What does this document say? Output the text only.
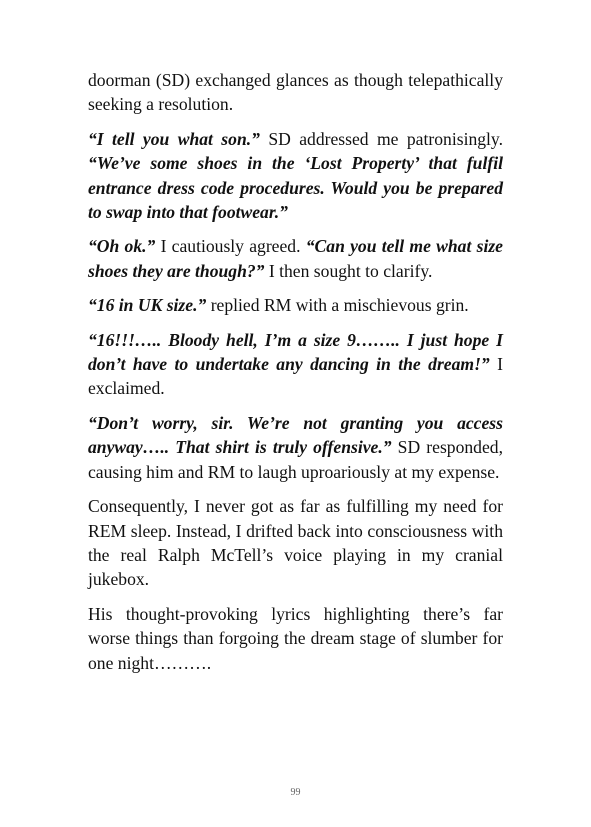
doorman (SD) exchanged glances as though telepathically seeking a resolution.

“I tell you what son.” SD addressed me patronisingly. “We’ve some shoes in the ‘Lost Property’ that fulfil entrance dress code procedures. Would you be prepared to swap into that footwear.”

“Oh ok.” I cautiously agreed. “Can you tell me what size shoes they are though?” I then sought to clarify.

“16 in UK size.” replied RM with a mischievous grin.

“16!!!….. Bloody hell, I’m a size 9…….. I just hope I don’t have to undertake any dancing in the dream!” I exclaimed.

“Don’t worry, sir. We’re not granting you access anyway….. That shirt is truly offensive.” SD responded, causing him and RM to laugh uproariously at my expense.

Consequently, I never got as far as fulfilling my need for REM sleep. Instead, I drifted back into consciousness with the real Ralph McTell’s voice playing in my cranial jukebox.

His thought-provoking lyrics highlighting there’s far worse things than forgoing the dream stage of slumber for one night……….

99
